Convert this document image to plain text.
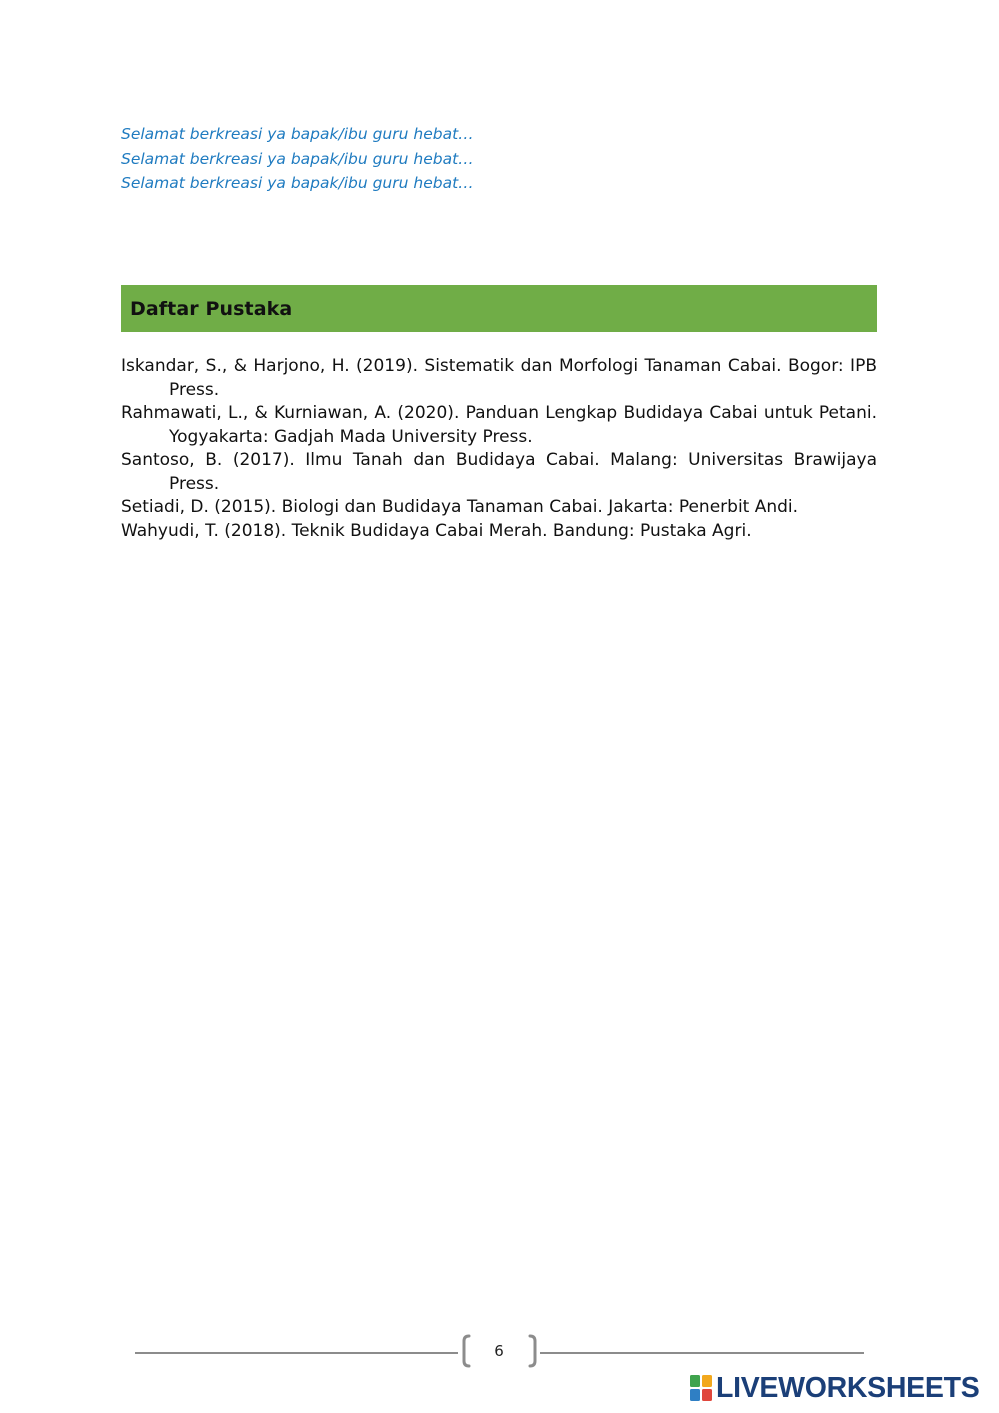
Selamat berkreasi ya bapak/ibu guru hebat…
Selamat berkreasi ya bapak/ibu guru hebat…
Selamat berkreasi ya bapak/ibu guru hebat…
Daftar Pustaka

Iskandar, S., & Harjono, H. (2019). Sistematik dan Morfologi Tanaman Cabai. Bogor: IPB Press.

Rahmawati, L., & Kurniawan, A. (2020). Panduan Lengkap Budidaya Cabai untuk Petani. Yogyakarta: Gadjah Mada University Press.

Santoso, B. (2017). Ilmu Tanah dan Budidaya Cabai. Malang: Universitas Brawijaya Press.

Setiadi, D. (2015). Biologi dan Budidaya Tanaman Cabai. Jakarta: Penerbit Andi.

Wahyudi, T. (2018). Teknik Budidaya Cabai Merah. Bandung: Pustaka Agri.

6
LIVEWORKSHEETS
